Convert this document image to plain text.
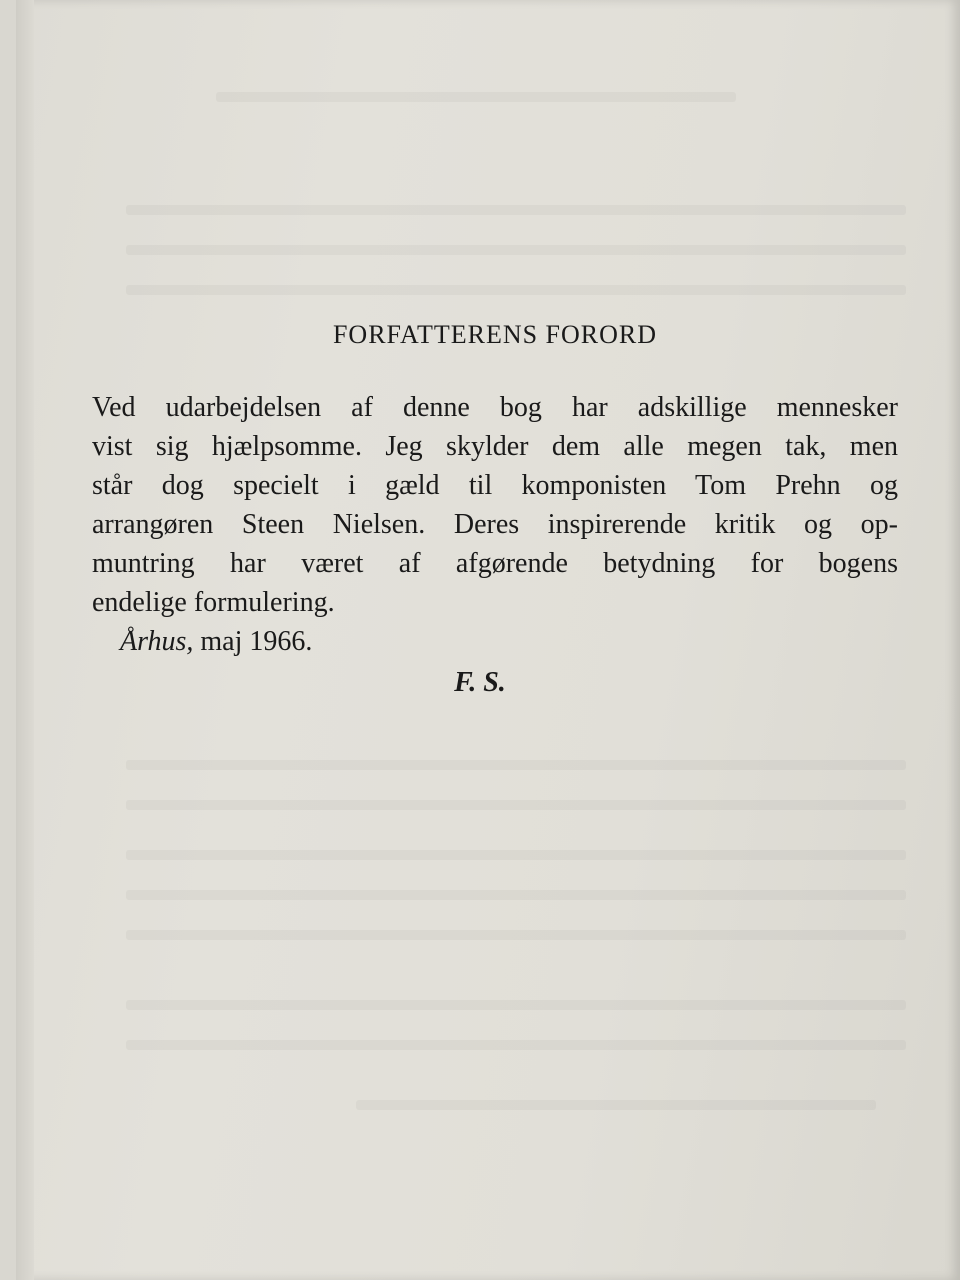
FORFATTERENS FORORD
Ved udarbejdelsen af denne bog har adskillige mennesker
vist sig hjælpsomme. Jeg skylder dem alle megen tak, men
står dog specielt i gæld til komponisten Tom Prehn og
arrangøren Steen Nielsen. Deres inspirerende kritik og op-
muntring har været af afgørende betydning for bogens
endelige formulering.
Århus, maj 1966.
F. S.
